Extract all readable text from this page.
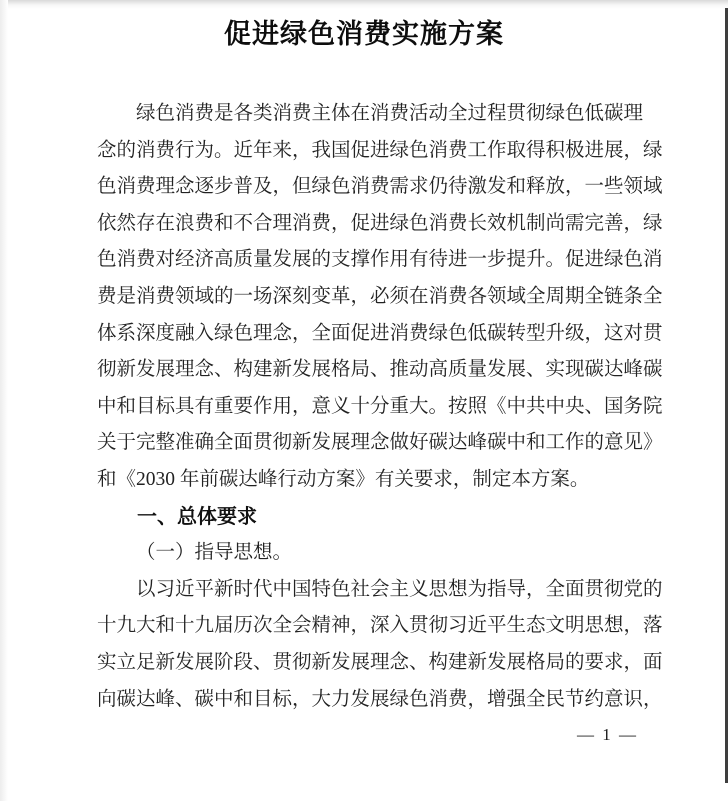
促进绿色消费实施方案
绿色消费是各类消费主体在消费活动全过程贯彻绿色低碳理
念的消费行为。近年来，我国促进绿色消费工作取得积极进展，绿
色消费理念逐步普及，但绿色消费需求仍待激发和释放，一些领域
依然存在浪费和不合理消费，促进绿色消费长效机制尚需完善，绿
色消费对经济高质量发展的支撑作用有待进一步提升。促进绿色消
费是消费领域的一场深刻变革，必须在消费各领域全周期全链条全
体系深度融入绿色理念，全面促进消费绿色低碳转型升级，这对贯
彻新发展理念、构建新发展格局、推动高质量发展、实现碳达峰碳
中和目标具有重要作用，意义十分重大。按照《中共中央、国务院
关于完整准确全面贯彻新发展理念做好碳达峰碳中和工作的意见》
和《2030 年前碳达峰行动方案》有关要求，制定本方案。
一、总体要求
（一）指导思想。
以习近平新时代中国特色社会主义思想为指导，全面贯彻党的
十九大和十九届历次全会精神，深入贯彻习近平生态文明思想，落
实立足新发展阶段、贯彻新发展理念、构建新发展格局的要求，面
向碳达峰、碳中和目标，大力发展绿色消费，增强全民节约意识，
— 1 —
